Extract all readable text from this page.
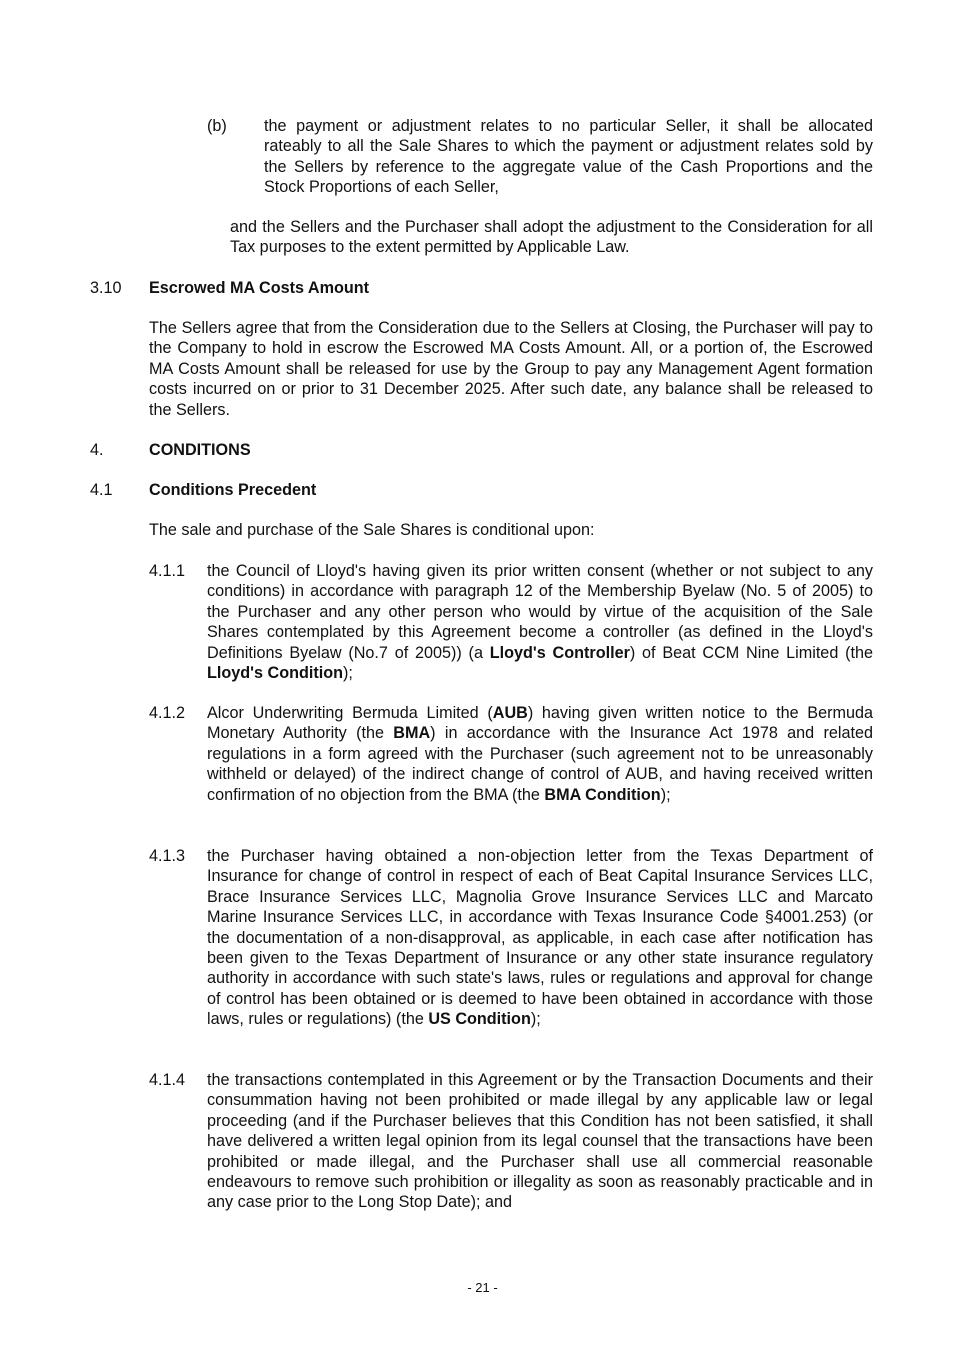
(b) the payment or adjustment relates to no particular Seller, it shall be allocated rateably to all the Sale Shares to which the payment or adjustment relates sold by the Sellers by reference to the aggregate value of the Cash Proportions and the Stock Proportions of each Seller,
and the Sellers and the Purchaser shall adopt the adjustment to the Consideration for all Tax purposes to the extent permitted by Applicable Law.
3.10 Escrowed MA Costs Amount
The Sellers agree that from the Consideration due to the Sellers at Closing, the Purchaser will pay to the Company to hold in escrow the Escrowed MA Costs Amount. All, or a portion of, the Escrowed MA Costs Amount shall be released for use by the Group to pay any Management Agent formation costs incurred on or prior to 31 December 2025. After such date, any balance shall be released to the Sellers.
4.	CONDITIONS
4.1 Conditions Precedent
The sale and purchase of the Sale Shares is conditional upon:
4.1.1 the Council of Lloyd's having given its prior written consent (whether or not subject to any conditions) in accordance with paragraph 12 of the Membership Byelaw (No. 5 of 2005) to the Purchaser and any other person who would by virtue of the acquisition of the Sale Shares contemplated by this Agreement become a controller (as defined in the Lloyd's Definitions Byelaw (No.7 of 2005)) (a Lloyd's Controller) of Beat CCM Nine Limited (the Lloyd's Condition);
4.1.2 Alcor Underwriting Bermuda Limited (AUB) having given written notice to the Bermuda Monetary Authority (the BMA) in accordance with the Insurance Act 1978 and related regulations in a form agreed with the Purchaser (such agreement not to be unreasonably withheld or delayed) of the indirect change of control of AUB, and having received written confirmation of no objection from the BMA (the BMA Condition);
4.1.3 the Purchaser having obtained a non-objection letter from the Texas Department of Insurance for change of control in respect of each of Beat Capital Insurance Services LLC, Brace Insurance Services LLC, Magnolia Grove Insurance Services LLC and Marcato Marine Insurance Services LLC, in accordance with Texas Insurance Code §4001.253) (or the documentation of a non-disapproval, as applicable, in each case after notification has been given to the Texas Department of Insurance or any other state insurance regulatory authority in accordance with such state's laws, rules or regulations and approval for change of control has been obtained or is deemed to have been obtained in accordance with those laws, rules or regulations) (the US Condition);
4.1.4 the transactions contemplated in this Agreement or by the Transaction Documents and their consummation having not been prohibited or made illegal by any applicable law or legal proceeding (and if the Purchaser believes that this Condition has not been satisfied, it shall have delivered a written legal opinion from its legal counsel that the transactions have been prohibited or made illegal, and the Purchaser shall use all commercial reasonable endeavours to remove such prohibition or illegality as soon as reasonably practicable and in any case prior to the Long Stop Date); and
- 21 -
